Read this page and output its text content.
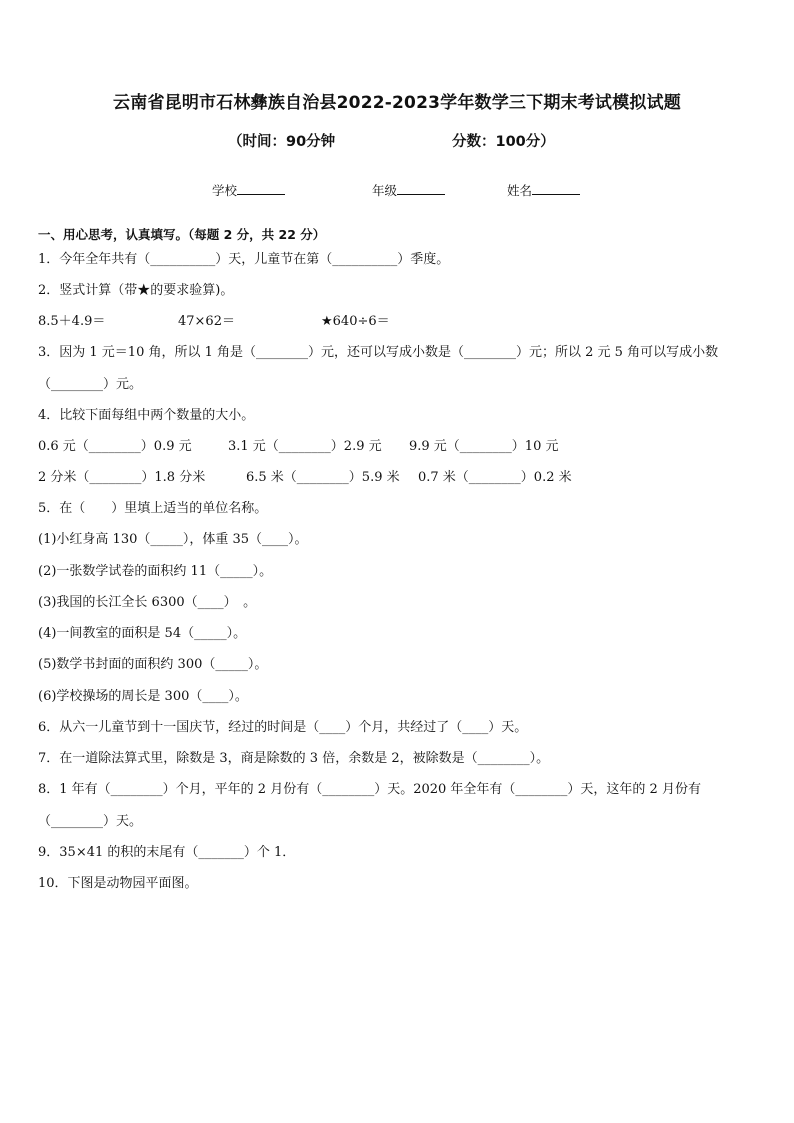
云南省昆明市石林彝族自治县2022-2023学年数学三下期末考试模拟试题
（时间：90分钟	分数：100分）
学校	年级	姓名
一、用心思考，认真填写。（每题 2 分，共 22 分）
1．今年全年共有（__________）天，儿童节在第（__________）季度。
2．竖式计算（带★的要求验算)。
8.5＋4.9＝	47×62＝	★640÷6＝
3．因为 1 元＝10 角，所以 1 角是（________）元，还可以写成小数是（________）元；所以 2 元 5 角可以写成小数
（________）元。
4．比较下面每组中两个数量的大小。
0.6 元（________）0.9 元	3.1 元（________）2.9 元 9.9 元（________）10 元
2 分米（________）1.8 分米	6.5 米（________）5.9 米 0.7 米（________）0.2 米
5．在（　　）里填上适当的单位名称。
(1)小红身高 130（_____），体重 35（____）。
(2)一张数学试卷的面积约 11（_____）。
(3)我国的长江全长 6300（____）　。
(4)一间教室的面积是 54（_____）。
(5)数学书封面的面积约 300（_____）。
(6)学校操场的周长是 300（____）。
6．从六一儿童节到十一国庆节，经过的时间是（____）个月，共经过了（____）天。
7．在一道除法算式里，除数是 3，商是除数的 3 倍，余数是 2，被除数是（________）。
8．1 年有（________）个月，平年的 2 月份有（________）天。2020 年全年有（________）天，这年的 2 月份有
（________）天。
9．35×41 的积的末尾有（_______）个 1．
10．下图是动物园平面图。
